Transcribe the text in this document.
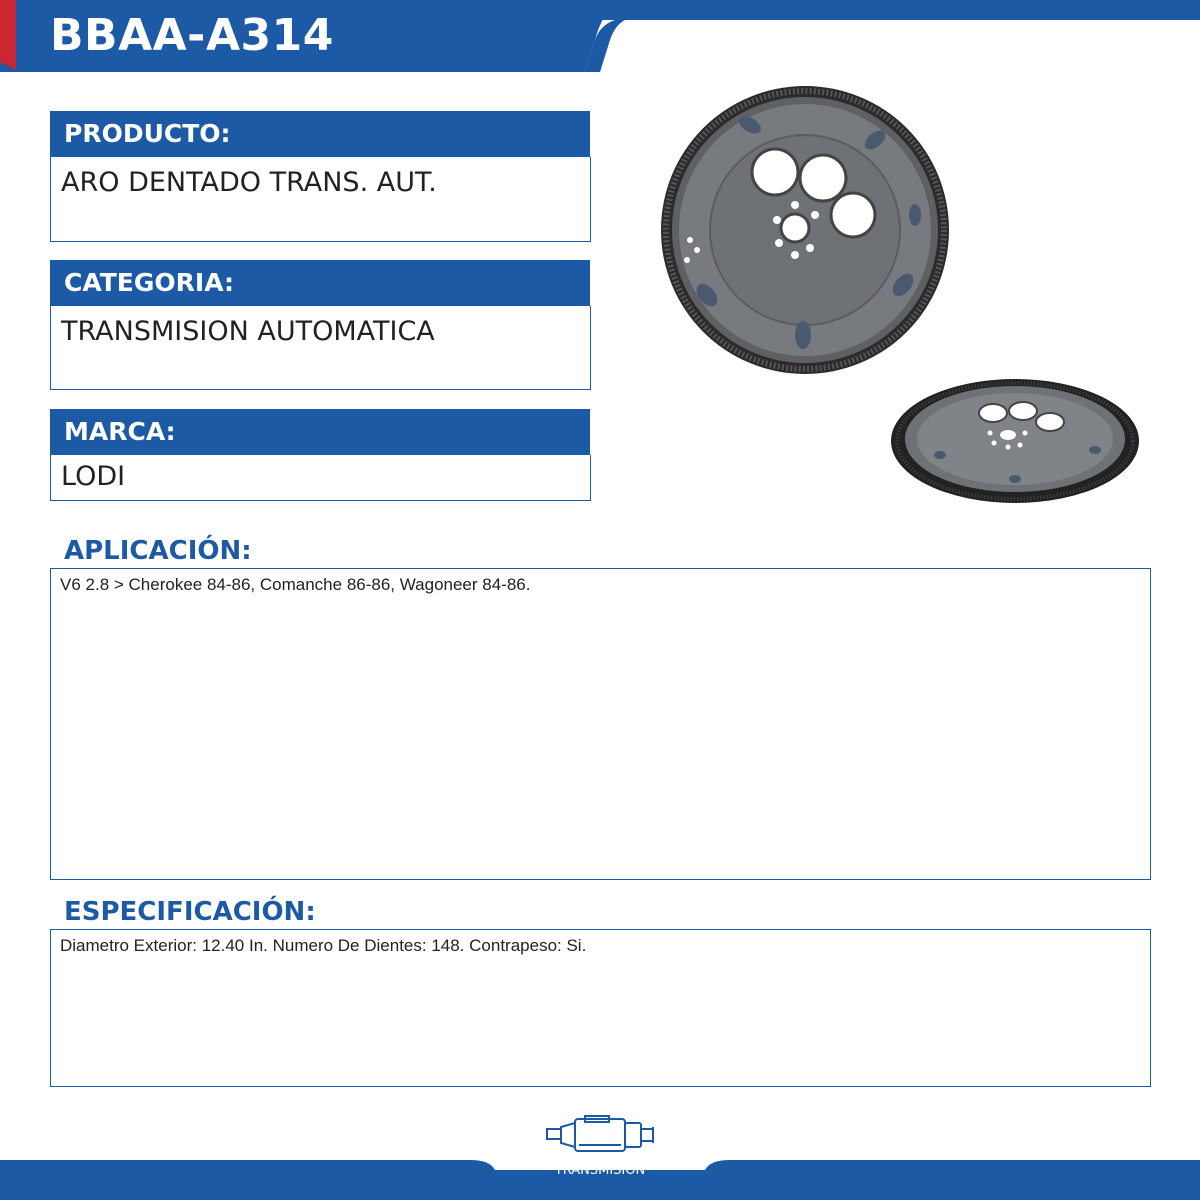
BBAA-A314
PRODUCTO:
ARO DENTADO TRANS. AUT.
CATEGORIA:
TRANSMISION AUTOMATICA
MARCA:
LODI
APLICACIÓN:
V6 2.8 > Cherokee 84-86, Comanche 86-86, Wagoneer 84-86.
ESPECIFICACIÓN:
Diametro Exterior: 12.40 In. Numero De Dientes: 148. Contrapeso: Si.
TRANSMISION
